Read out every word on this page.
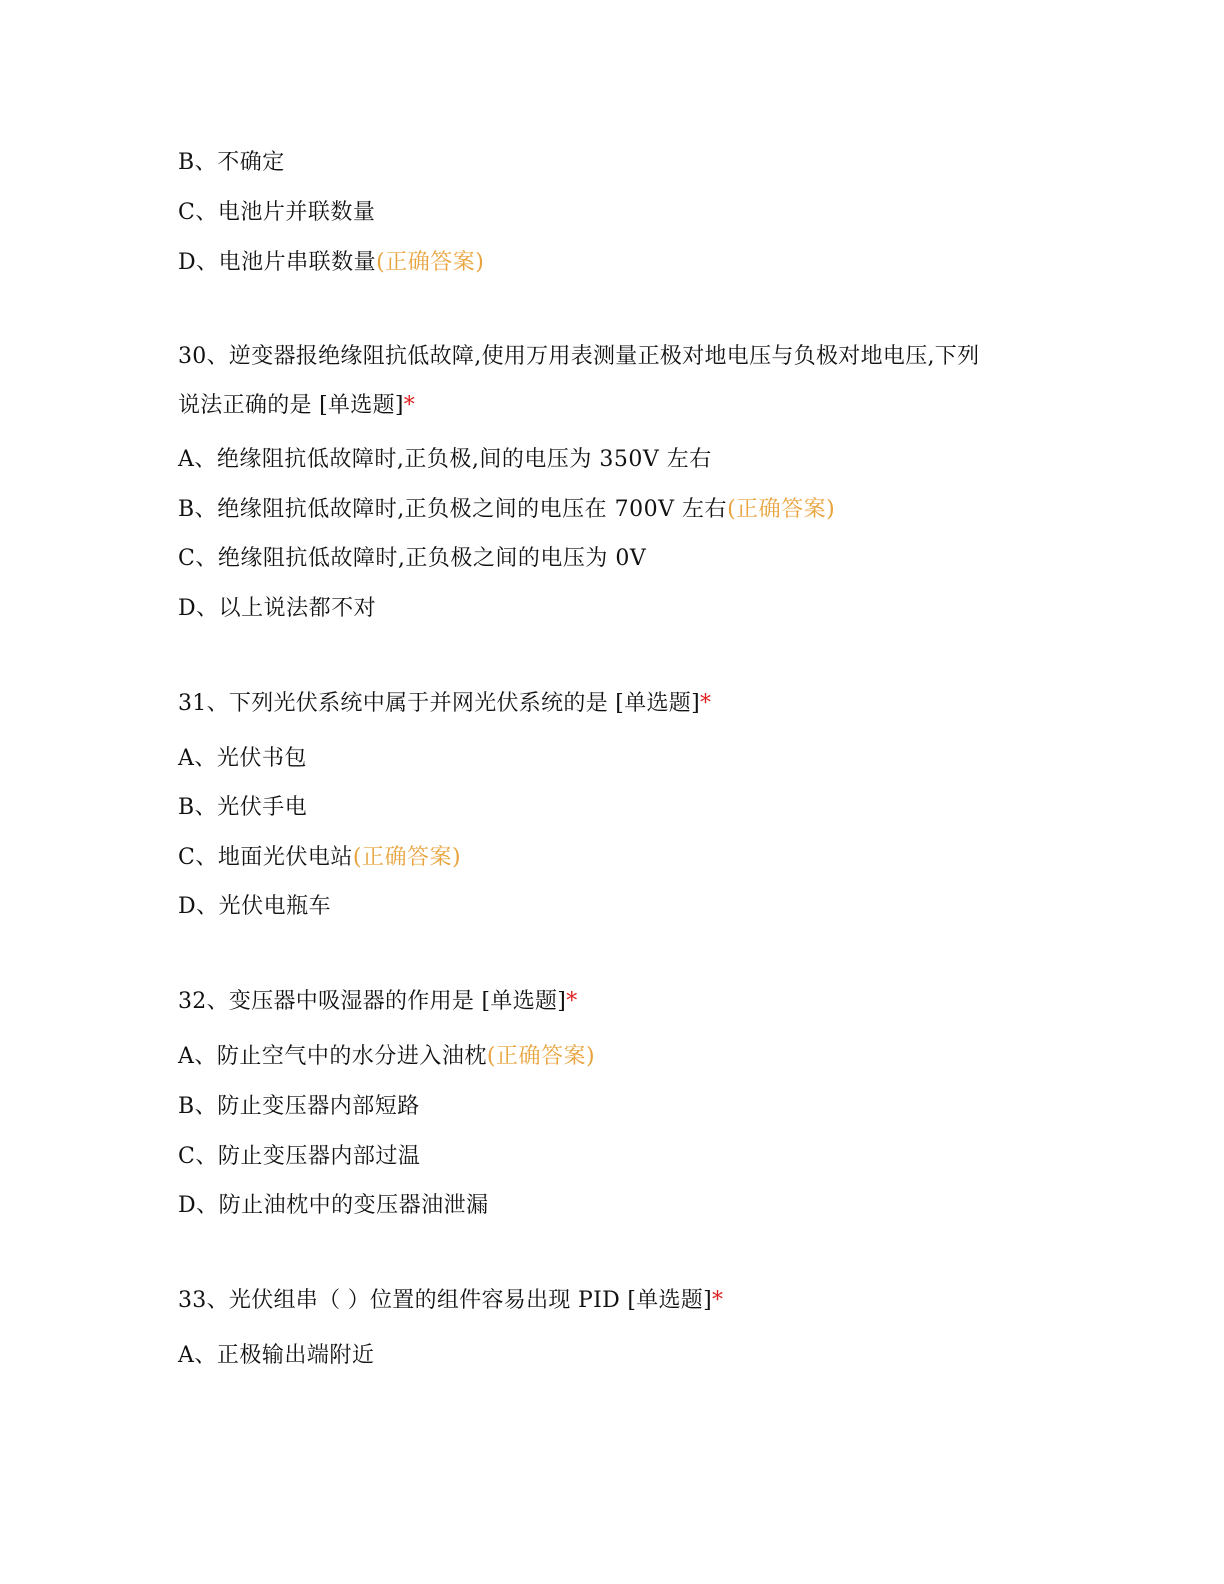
B、不确定
C、电池片并联数量
D、电池片串联数量(正确答案)
30、逆变器报绝缘阻抗低故障,使用万用表测量正极对地电压与负极对地电压,下列
说法正确的是 [单选题]*
A、绝缘阻抗低故障时,正负极,间的电压为 350V 左右
B、绝缘阻抗低故障时,正负极之间的电压在 700V 左右(正确答案)
C、绝缘阻抗低故障时,正负极之间的电压为 0V
D、以上说法都不对
31、下列光伏系统中属于并网光伏系统的是 [单选题]*
A、光伏书包
B、光伏手电
C、地面光伏电站(正确答案)
D、光伏电瓶车
32、变压器中吸湿器的作用是 [单选题]*
A、防止空气中的水分进入油枕(正确答案)
B、防止变压器内部短路
C、防止变压器内部过温
D、防止油枕中的变压器油泄漏
33、光伏组串（ ）位置的组件容易出现 PID [单选题]*
A、正极输出端附近
